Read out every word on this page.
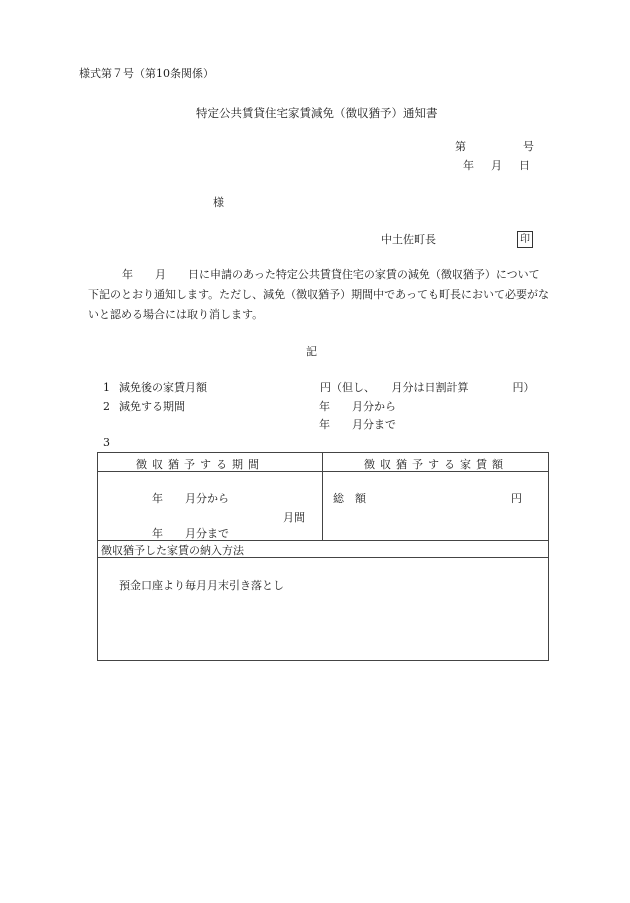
様式第７号（第10条関係）
特定公共賃貸住宅家賃減免（徴収猶予）通知書
第	号
年 月 日
様
中土佐町長	印

年　　月　　日に申請のあった特定公共賃貸住宅の家賃の減免（徴収猶予）について下記のとおり通知します。ただし、減免（徴収猶予）期間中であっても町長において必要がないと認める場合には取り消します。

記
1 減免後の家賃月額	円（但し、　　月分は日割計算　　　　円）
2 減免する期間	年　　月分から
年　　月分まで
3
徴収猶予する期間	徴収猶予する家賃額
年　　月分から
月間
年　　月分まで
総　額	円
徴収猶予した家賃の納入方法
預金口座より毎月月末引き落とし
